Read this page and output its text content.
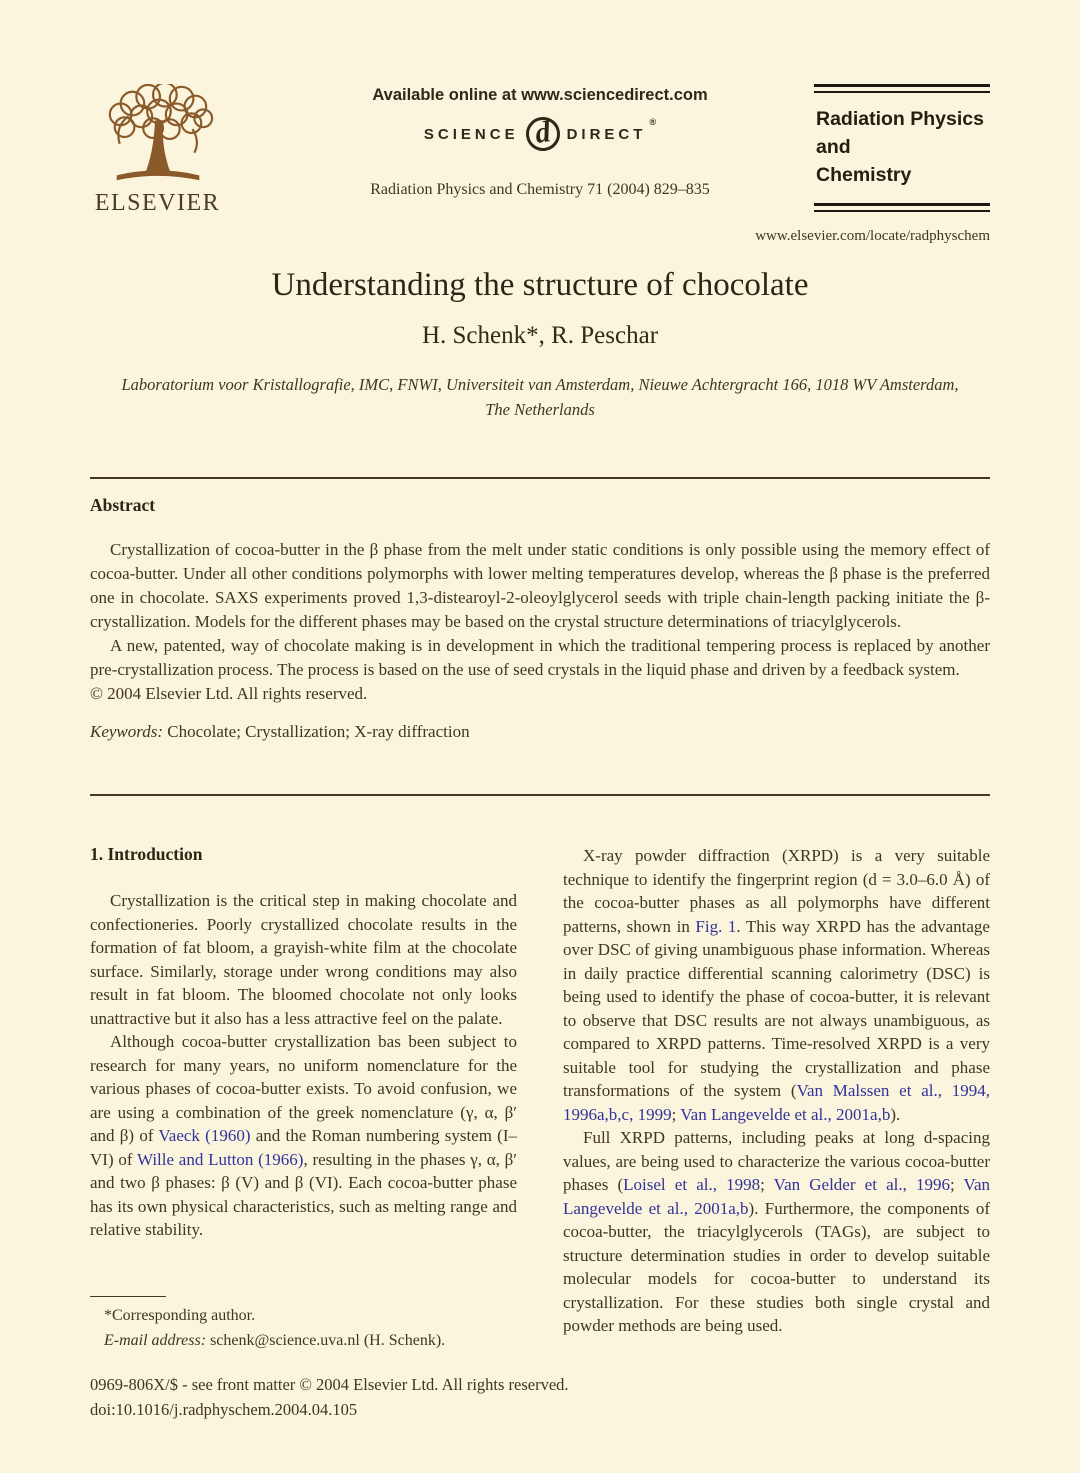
ELSEVIER
Available online at www.sciencedirect.com
SCIENCE d DIRECT
®
Radiation Physics and Chemistry 71 (2004) 829–835
Radiation Physics
and
Chemistry
www.elsevier.com/locate/radphyschem
Understanding the structure of chocolate
H. Schenk*, R. Peschar
Laboratorium voor Kristallografie, IMC, FNWI, Universiteit van Amsterdam, Nieuwe Achtergracht 166, 1018 WV Amsterdam,
The Netherlands
Abstract

Crystallization of cocoa-butter in the β phase from the melt under static conditions is only possible using the memory effect of cocoa-butter. Under all other conditions polymorphs with lower melting temperatures develop, whereas the β phase is the preferred one in chocolate. SAXS experiments proved 1,3-distearoyl-2-oleoylglycerol seeds with triple chain-length packing initiate the β-crystallization. Models for the different phases may be based on the crystal structure determinations of triacylglycerols.

A new, patented, way of chocolate making is in development in which the traditional tempering process is replaced by another pre-crystallization process. The process is based on the use of seed crystals in the liquid phase and driven by a feedback system.

© 2004 Elsevier Ltd. All rights reserved.

Keywords: Chocolate; Crystallization; X-ray diffraction
1. Introduction

Crystallization is the critical step in making chocolate and confectioneries. Poorly crystallized chocolate results in the formation of fat bloom, a grayish-white film at the chocolate surface. Similarly, storage under wrong conditions may also result in fat bloom. The bloomed chocolate not only looks unattractive but it also has a less attractive feel on the palate.

Although cocoa-butter crystallization bas been subject to research for many years, no uniform nomenclature for the various phases of cocoa-butter exists. To avoid confusion, we are using a combination of the greek nomenclature (γ, α, β′ and β) of Vaeck (1960) and the Roman numbering system (I–VI) of Wille and Lutton (1966), resulting in the phases γ, α, β′ and two β phases: β (V) and β (VI). Each cocoa-butter phase has its own physical characteristics, such as melting range and relative stability.

X-ray powder diffraction (XRPD) is a very suitable technique to identify the fingerprint region (d = 3.0–6.0 Å) of the cocoa-butter phases as all polymorphs have different patterns, shown in Fig. 1. This way XRPD has the advantage over DSC of giving unambiguous phase information. Whereas in daily practice differential scanning calorimetry (DSC) is being used to identify the phase of cocoa-butter, it is relevant to observe that DSC results are not always unambiguous, as compared to XRPD patterns. Time-resolved XRPD is a very suitable tool for studying the crystallization and phase transformations of the system (Van Malssen et al., 1994, 1996a,b,c, 1999; Van Langevelde et al., 2001a,b).

Full XRPD patterns, including peaks at long d-spacing values, are being used to characterize the various cocoa-butter phases (Loisel et al., 1998; Van Gelder et al., 1996; Van Langevelde et al., 2001a,b). Furthermore, the components of cocoa-butter, the triacylglycerols (TAGs), are subject to structure determination studies in order to develop suitable molecular models for cocoa-butter to understand its crystallization. For these studies both single crystal and powder methods are being used.

*Corresponding author.
E-mail address: schenk@science.uva.nl (H. Schenk).
0969-806X/$ - see front matter © 2004 Elsevier Ltd. All rights reserved.
doi:10.1016/j.radphyschem.2004.04.105
